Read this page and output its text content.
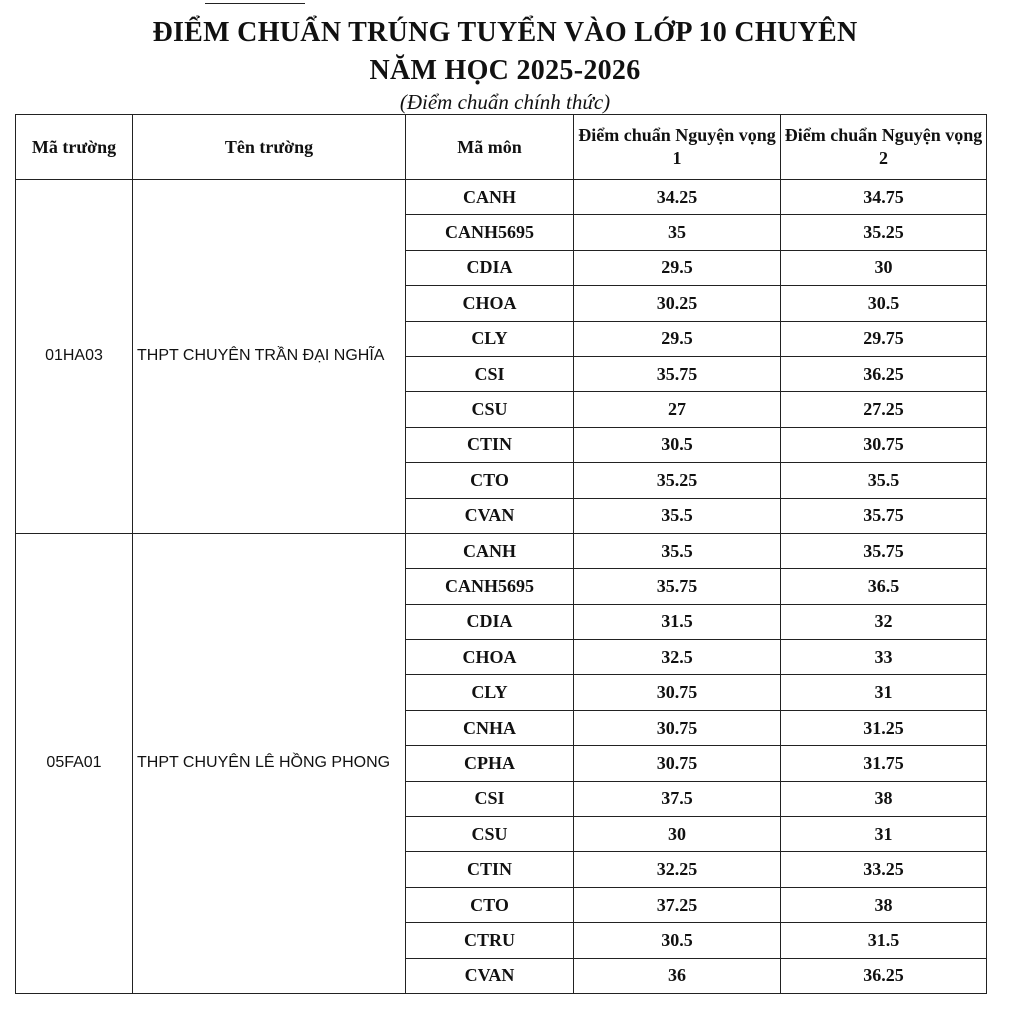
ĐIỂM CHUẨN TRÚNG TUYỂN VÀO LỚP 10 CHUYÊN
NĂM HỌC 2025-2026
(Điểm chuẩn chính thức)
Mã trường	Tên trường	Mã môn	Điểm chuẩn Nguyện vọng 1	Điểm chuẩn Nguyện vọng 2
01HA03	THPT CHUYÊN TRẦN ĐẠI NGHĨA	CANH	34.25	34.75
		CANH5695	35	35.25
		CDIA	29.5	30
		CHOA	30.25	30.5
		CLY	29.5	29.75
		CSI	35.75	36.25
		CSU	27	27.25
		CTIN	30.5	30.75
		CTO	35.25	35.5
		CVAN	35.5	35.75
05FA01	THPT CHUYÊN LÊ HỒNG PHONG	CANH	35.5	35.75
		CANH5695	35.75	36.5
		CDIA	31.5	32
		CHOA	32.5	33
		CLY	30.75	31
		CNHA	30.75	31.25
		CPHA	30.75	31.75
		CSI	37.5	38
		CSU	30	31
		CTIN	32.25	33.25
		CTO	37.25	38
		CTRU	30.5	31.5
		CVAN	36	36.25
